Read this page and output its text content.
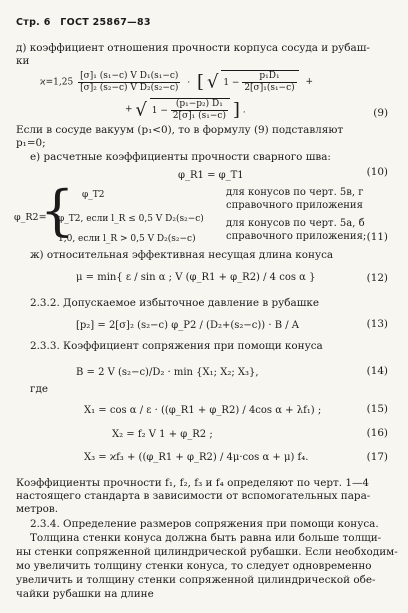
Стр. 6 ГОСТ 25867—83
д) коэффициент отношения прочности корпуса сосуда и рубаш-
ки
$ϰ=1,25 \frac{\text{[σ]₁ (s₁−c) V D₁(s₁−c)}}{\text{[σ]₂ (s₂−c) V D₂(s₂−c)}}$ · [ √ $1 - \frac{\text{p₁D₁}}{\text{2[σ]₁(s₁−c)}}$ +
+ √ $1 - \frac{\text{(p₁−p₂) D₁}}{\text{2[σ]₁ (s₁−c)}}$ ] .	(9)
Если в сосуде вакуум (p₁<0), то в формулу (9) подставляют
p₁=0;
е) расчетные коэффициенты прочности сварного шва:
φ_R1 = φ_T1	(10)
φ_R2=
{ φ_T2
φ_T2, если l_R ≤ 0,5 V D₂(s₂−c)
1,0, если l_R > 0,5 V D₂(s₂−c)
для конусов по черт. 5в, г
справочного приложения
для конусов по черт. 5а, б
справочного приложения; (11)
ж) относительная эффективная несущая длина конуса
μ = min{ ε / sin α ; V (φ_R1 + φ_R2) / 4 cos α }	(12)
2.3.2. Допускаемое избыточное давление в рубашке
[p₂] = 2[σ]₂ (s₂−c) φ_P2 / (D₂+(s₂−c)) · B / A	(13)
2.3.3. Коэффициент сопряжения при помощи конуса
B = 2 V (s₂−c)/D₂ · min {X₁; X₂; X₃},	(14)
где
X₁ = cos α / ε · ((φ_R1 + φ_R2) / 4cos α + λf₁) ;	(15)
X₂ = f₂ V 1 + φ_R2 ;	(16)
X₃ = ϰf₃ + ((φ_R1 + φ_R2) / 4μ·cos α + μ) f₄.	(17)
Коэффициенты прочности f₁, f₂, f₃ и f₄ определяют по черт. 1—4
настоящего стандарта в зависимости от вспомогательных пара-
метров.
2.3.4. Определение размеров сопряжения при помощи конуса.
Толщина стенки конуса должна быть равна или больше толщи-
ны стенки сопряженной цилиндрической рубашки. Если необходим-
мо увеличить толщину стенки конуса, то следует одновременно
увеличить и толщину стенки сопряженной цилиндрической обе-
чайки рубашки на длине
